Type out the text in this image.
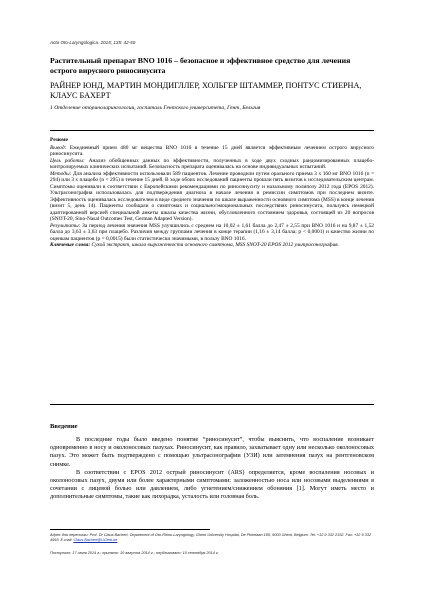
Acta Oto-Laryngologica. 2015; 135: 42-50
Растительный препарат BNO 1016 – безопасное и эффективное средство для лечения острого вирусного риносинусита
РАЙНЕР ЮНД, МАРТИН МОНДИГЛЛЕР, ХОЛЬГЕР ШТАММЕР, ПОНТУС СТИЕРНА, КЛАУС БАХЕРТ
1 Отделение оториноларингологии, госпиталь Гентского университета, Гент, Бельгия

Резюме

Вывод: Ежедневный прием 480 мг вещества BNO 1016 в течение 15 дней является эффективным лечением острого вирусного риносинусита.

Цель работы: Анализ обобщенных данных по эффективности, полученных в ходе двух сходных рандомизированных плацебо-контролируемых клинических испытаний. Безопасность препарата оценивалась на основе индивидуальных испытаний.

Методы: Для анализа эффективности использовали 589 пациентов. Лечение проводили путем орального приема 3 х 160 мг BNO 1016 (n = 294) или 3 х плацебо (n = 295) в течение 15 дней. В ходе обоих исследований пациенты прошли пять визитов к исследовательским центрам. Симптомы оценивали в соответствии с Европейскими рекомендациями по риносинуситу и назальному полипозу 2012 года (EPOS 2012). Ультрасонография использовалась для подтверждения диагноза в начале лечения и ремиссии симптомов при последнем визите. Эффективность оценивалась исследователем в виде среднего значения по шкале выраженности основного симптома (MSS) в конце лечения (визит 5, день 14). Пациенты сообщали о симптомах и социально/эмоциональных последствиях риносинусита, пользуясь немецкой адаптированной версией специальной анкеты шкалы качества жизни, обусловленного состоянием здоровья, состоящей из 20 вопросов (SNOT-20, Sino-Nasal Outcomes Test, German Adapted Version).

Результаты: За период лечения значения MSS улучшились с среднем на 10,02 ± 1,61 балла до 2,47 ± 2,55 при BNO 1016 и на 9,87 ± 1,52 балла до 3,63 ± 3,63 при плацебо. Различия между группами лечения в конце терапии (1,16 ± 3,14 балла; p < 0,0001) и качество жизни по оценкам пациентов (p = 0,0015) были статистически значимыми, в пользу BNO 1016.

Ключевые слова: Сухой экстракт, шкала выраженности основного симптома, MSS SNOT-20 EPOS 2012 ультрасонография.

Введение

В последние годы было введено понятие “риносинусит”, чтобы выяснить, что воспаление возникает одновременно в носу и околоносовых пазухах. Риносинусит, как правило, захватывает одну или несколько околоносовых пазух. Это может быть подтверждено с помощью ультрасонографии (УЗИ) или затемнения пазух на рентгеновском снимке.

В соответствии с EPOS 2012 острый риносинусит (ARS) определяется, кроме воспаления носовых и околоносовых пазух, двумя или более характерными симптомами: заложенностью носа или носовыми выделениями в сочетании с лицевой болью или давлением, либо угнетением/снижением обоняния [1]. Могут иметь место и дополнительные симптомы, такие как лихорадка, усталость или головная боль.

Адрес для переписки: Prof. Dr Claus Bachert, Department of Oto-Rhino-Laryngology, Ghent University Hospital, De Pintelaan 185, 9000 Ghent, Belgium. Tel: +32 9 332 2332. Fax: +32 9 332 4993. E-mail: Claus.Bachert@UGent.be
Поступило: 17 июля 2014 г.; принято: 10 августа 2014 г.; опубликовано: 10 сентября 2014 г.
